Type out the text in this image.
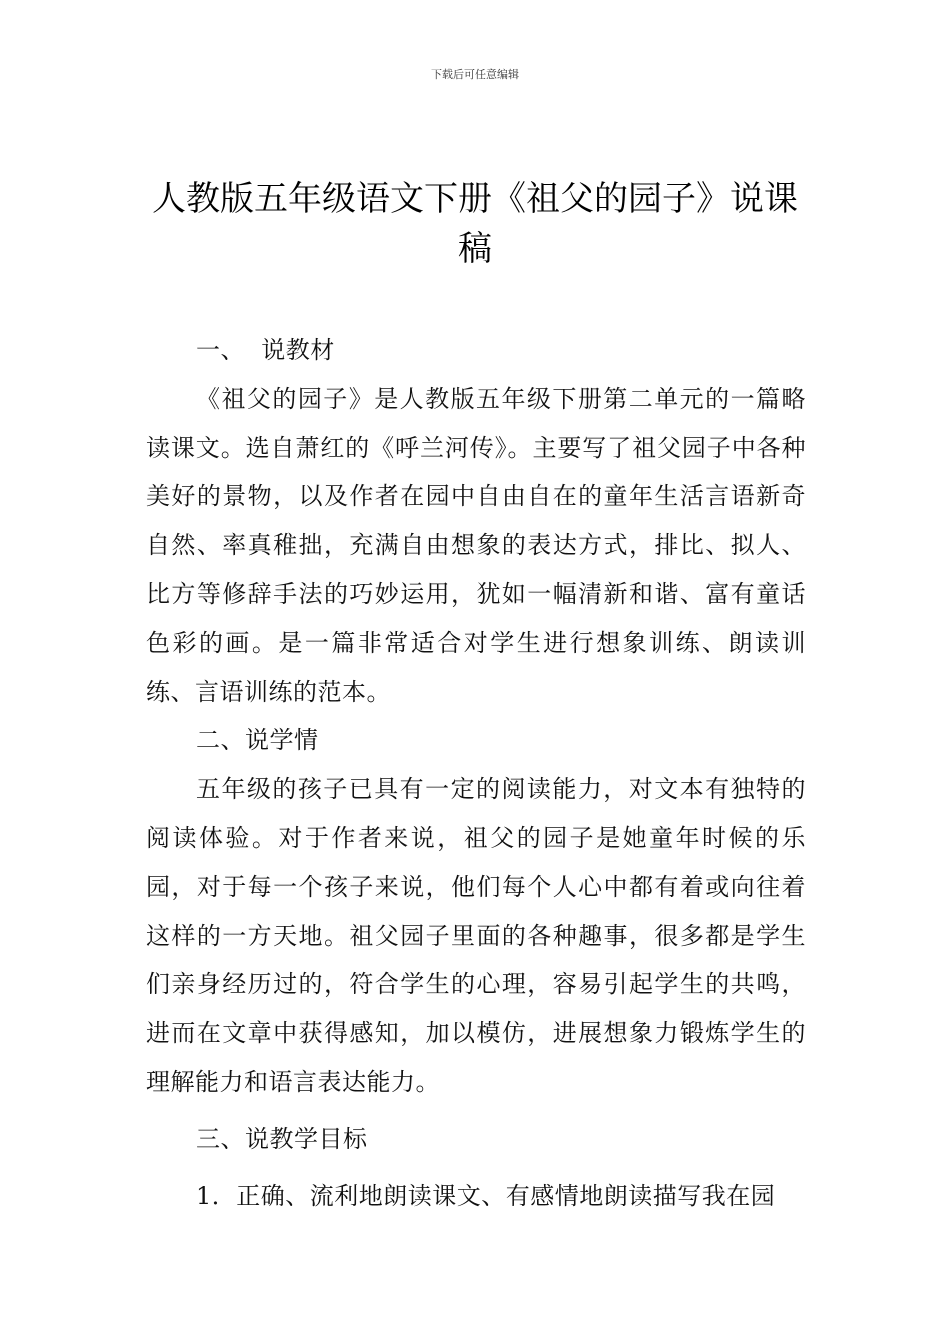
下载后可任意编辑
人教版五年级语文下册《祖父的园子》说课稿

一、  说教材

《祖父的园子》是人教版五年级下册第二单元的一篇略读课文。选自萧红的《呼兰河传》。主要写了祖父园子中各种美好的景物，以及作者在园中自由自在的童年生活言语新奇自然、率真稚拙，充满自由想象的表达方式，排比、拟人、比方等修辞手法的巧妙运用，犹如一幅清新和谐、富有童话色彩的画。是一篇非常适合对学生进行想象训练、朗读训练、言语训练的范本。

二、说学情

五年级的孩子已具有一定的阅读能力，对文本有独特的阅读体验。对于作者来说，祖父的园子是她童年时候的乐园，对于每一个孩子来说，他们每个人心中都有着或向往着这样的一方天地。祖父园子里面的各种趣事，很多都是学生们亲身经历过的，符合学生的心理，容易引起学生的共鸣，进而在文章中获得感知，加以模仿，进展想象力锻炼学生的理解能力和语言表达能力。

三、说教学目标

1．正确、流利地朗读课文、有感情地朗读描写我在园
